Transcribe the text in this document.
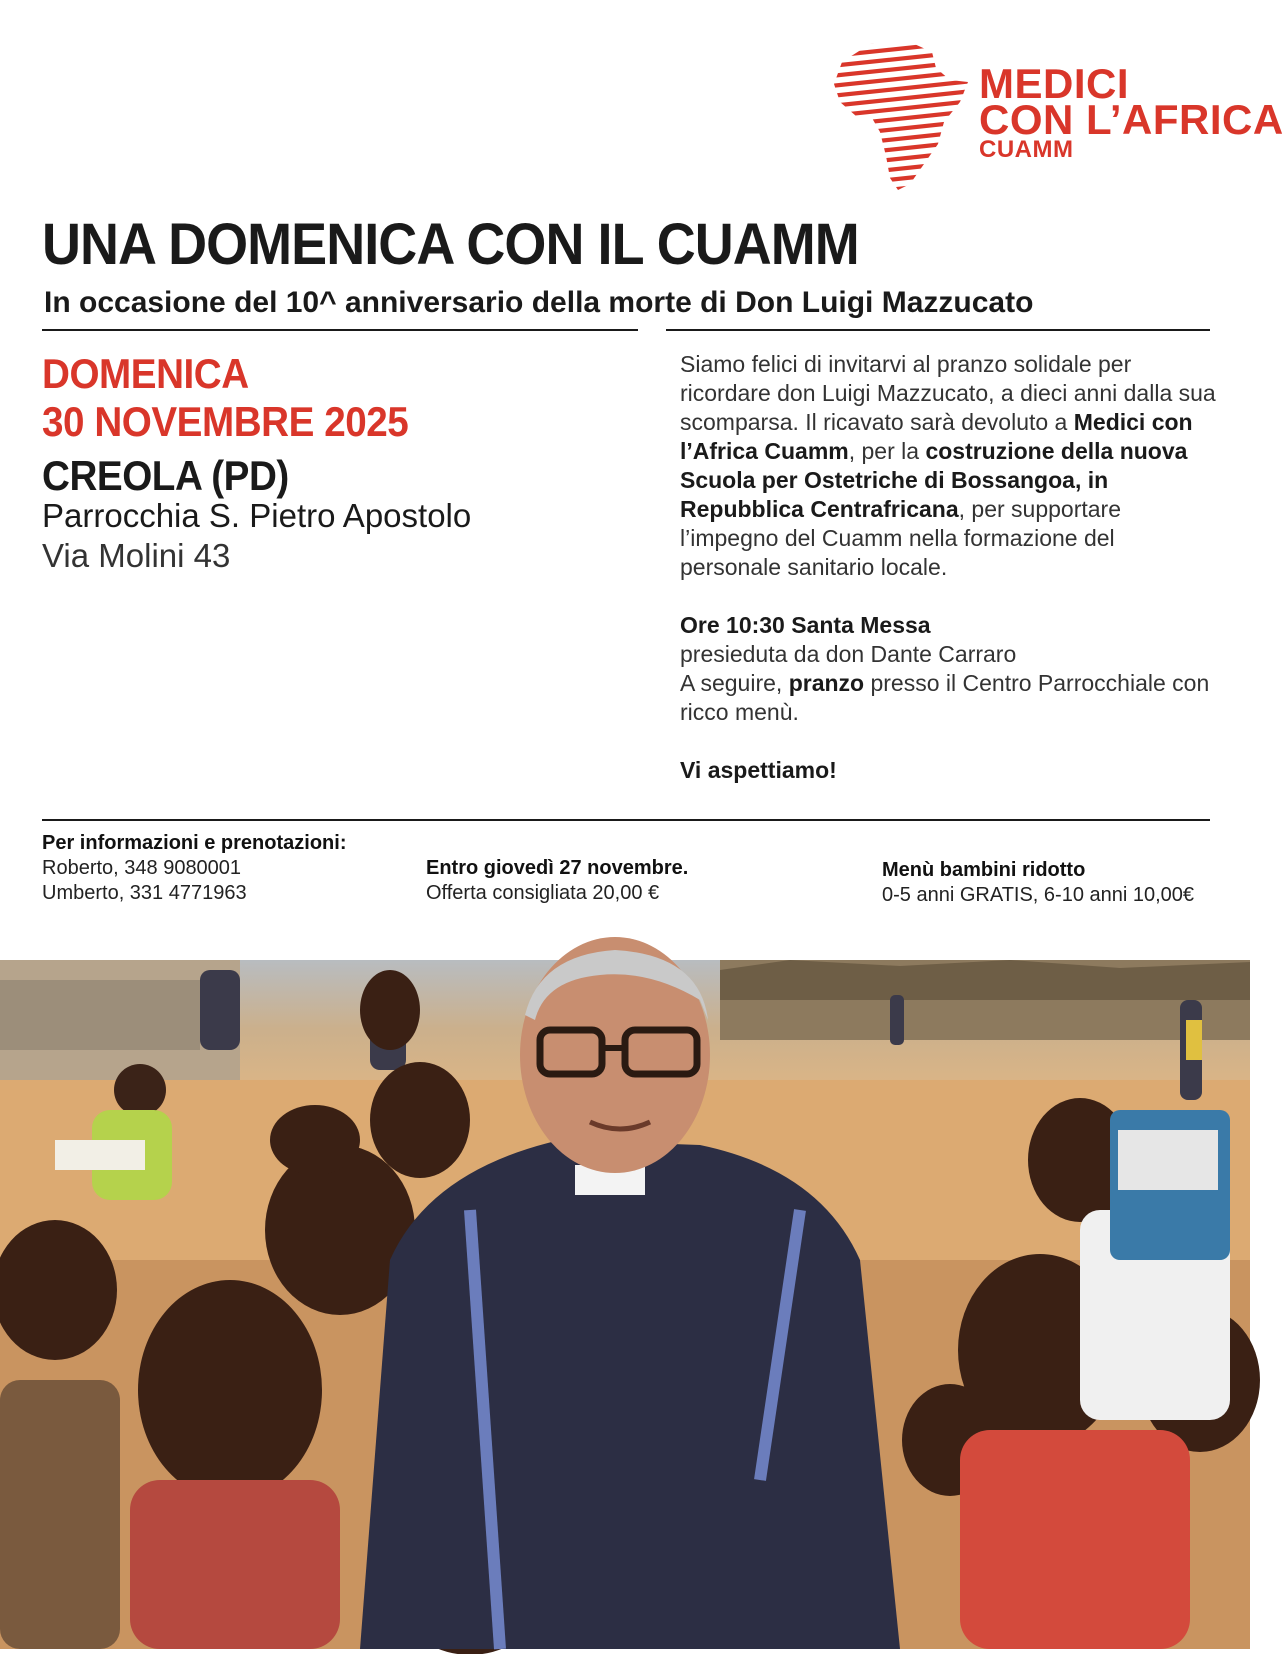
MEDICI
CON L’AFRICA
CUAMM
UNA DOMENICA CON IL CUAMM
In occasione del 10^ anniversario della morte di Don Luigi Mazzucato
DOMENICA
30 NOVEMBRE 2025
CREOLA (PD)
Parrocchia S. Pietro Apostolo
Via Molini 43

Siamo felici di invitarvi al pranzo solidale per ricordare don Luigi Mazzucato, a dieci anni dalla sua scomparsa. Il ricavato sarà devoluto a Medici con l’Africa Cuamm, per la costruzione della nuova Scuola per Ostetriche di Bossangoa, in Repubblica Centrafricana, per supportare l’impegno del Cuamm nella formazione del personale sanitario locale.

Ore 10:30 Santa Messa

presieduta da don Dante Carraro

A seguire, pranzo presso il Centro Parrocchiale con ricco menù.

Vi aspettiamo!

Per informazioni e prenotazioni:
Roberto, 348 9080001
Umberto, 331 4771963
Entro giovedì 27 novembre.
Offerta consigliata 20,00 €
Menù bambini ridotto
0-5 anni GRATIS, 6-10 anni 10,00€
